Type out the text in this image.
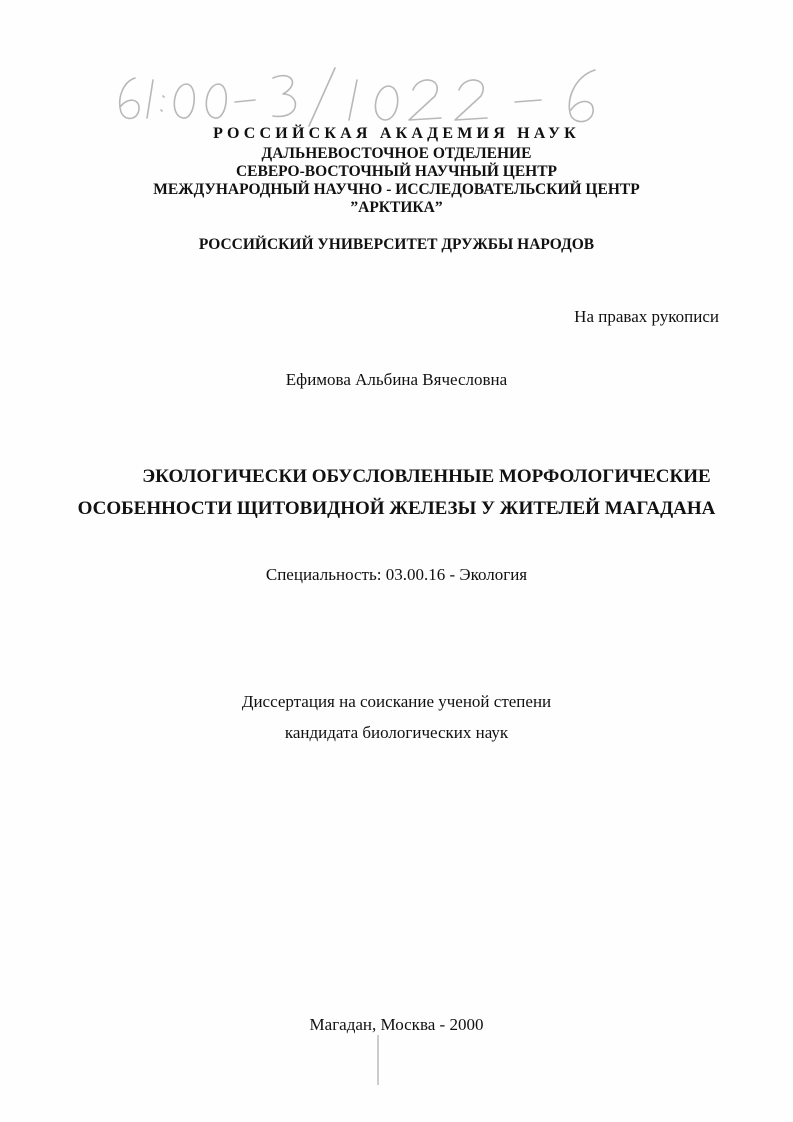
РОССИЙСКАЯ АКАДЕМИЯ НАУК
ДАЛЬНЕВОСТОЧНОЕ ОТДЕЛЕНИЕ
СЕВЕРО-ВОСТОЧНЫЙ НАУЧНЫЙ ЦЕНТР
МЕЖДУНАРОДНЫЙ НАУЧНО - ИССЛЕДОВАТЕЛЬСКИЙ ЦЕНТР
”АРКТИКА”
РОССИЙСКИЙ УНИВЕРСИТЕТ ДРУЖБЫ НАРОДОВ
На правах рукописи
Ефимова Альбина Вячесловна
ЭКОЛОГИЧЕСКИ ОБУСЛОВЛЕННЫЕ МОРФОЛОГИЧЕСКИЕ
ОСОБЕННОСТИ ЩИТОВИДНОЙ ЖЕЛЕЗЫ У ЖИТЕЛЕЙ МАГАДАНА
Специальность: 03.00.16 - Экология
Диссертация на соискание ученой степени
кандидата биологических наук
Магадан, Москва - 2000
